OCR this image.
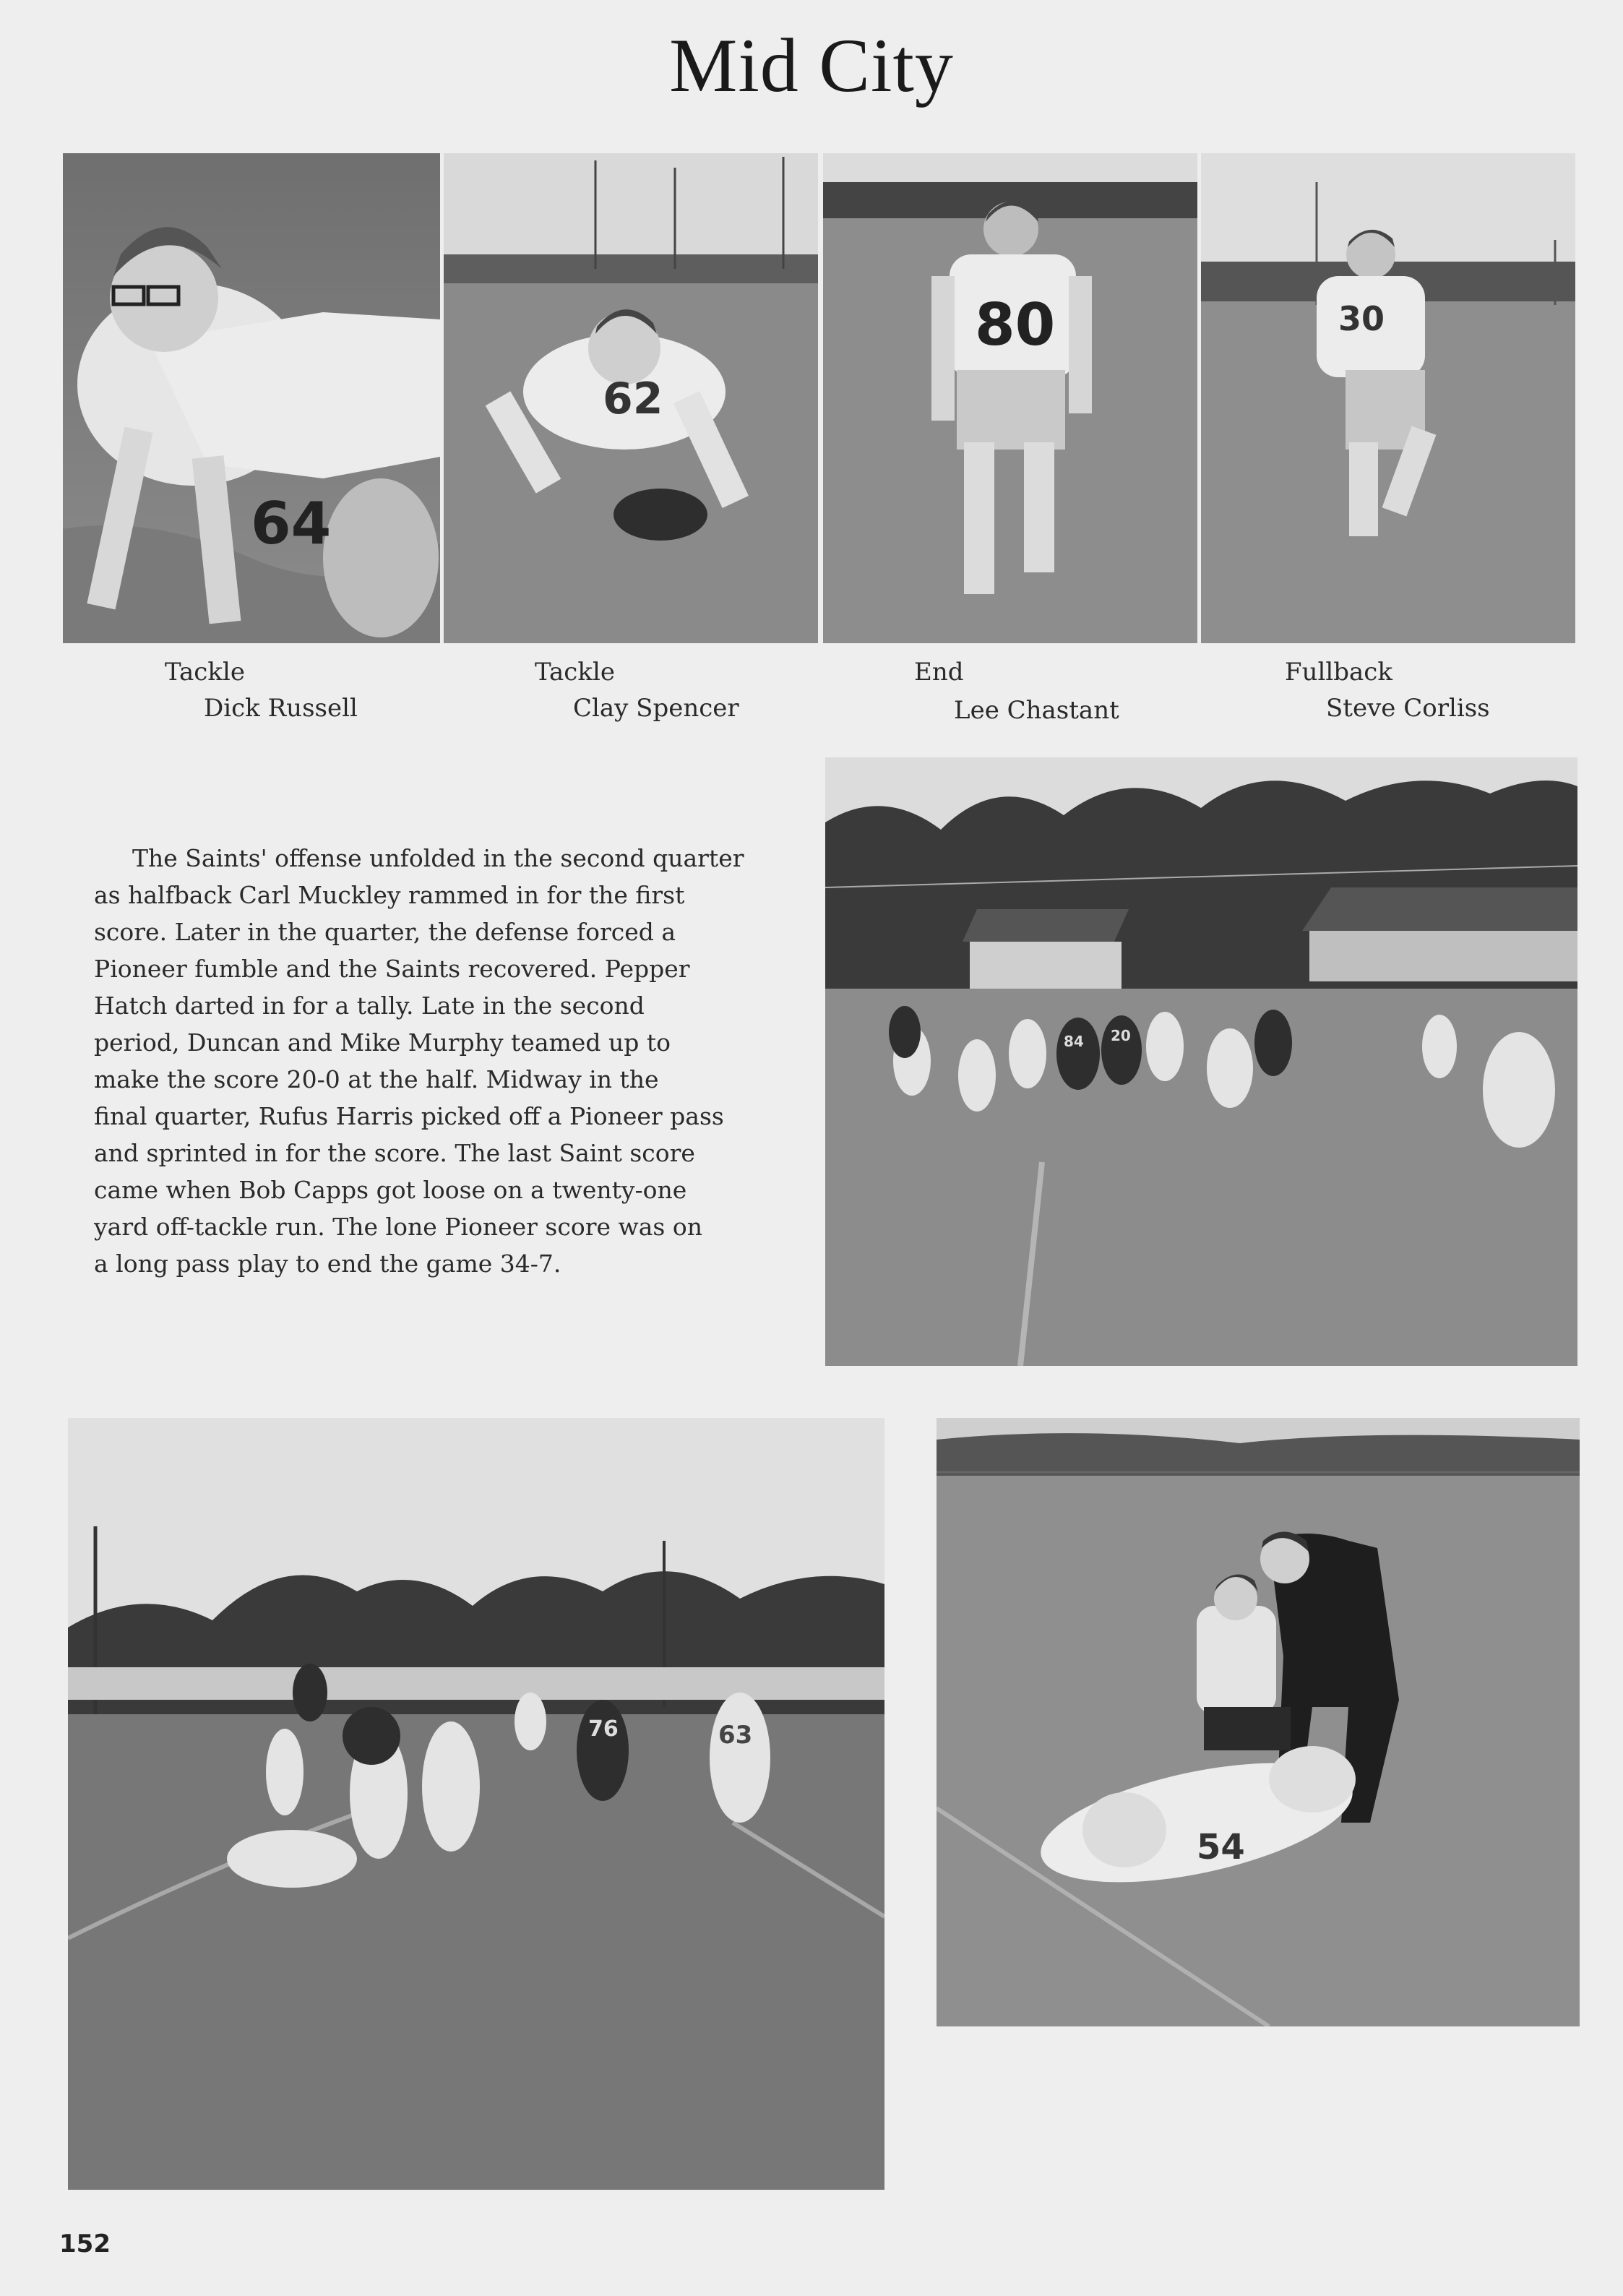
Mid City
64
62
80	30
Tackle
Dick Russell
Tackle
Clay Spencer
End
Lee Chastant
Fullback
Steve Corliss
The Saints' offense unfolded in the second quarter
as halfback Carl Muckley rammed in for the first
score. Later in the quarter, the defense forced a
Pioneer fumble and the Saints recovered. Pepper
Hatch darted in for a tally. Late in the second
period, Duncan and Mike Murphy teamed up to
make the score 20-0 at the half. Midway in the
final quarter, Rufus Harris picked off a Pioneer pass
and sprinted in for the score. The last Saint score
came when Bob Capps got loose on a twenty-one
yard off-tackle run. The lone Pioneer score was on
a long pass play to end the game 34-7.
84 20
76	63
54
152
